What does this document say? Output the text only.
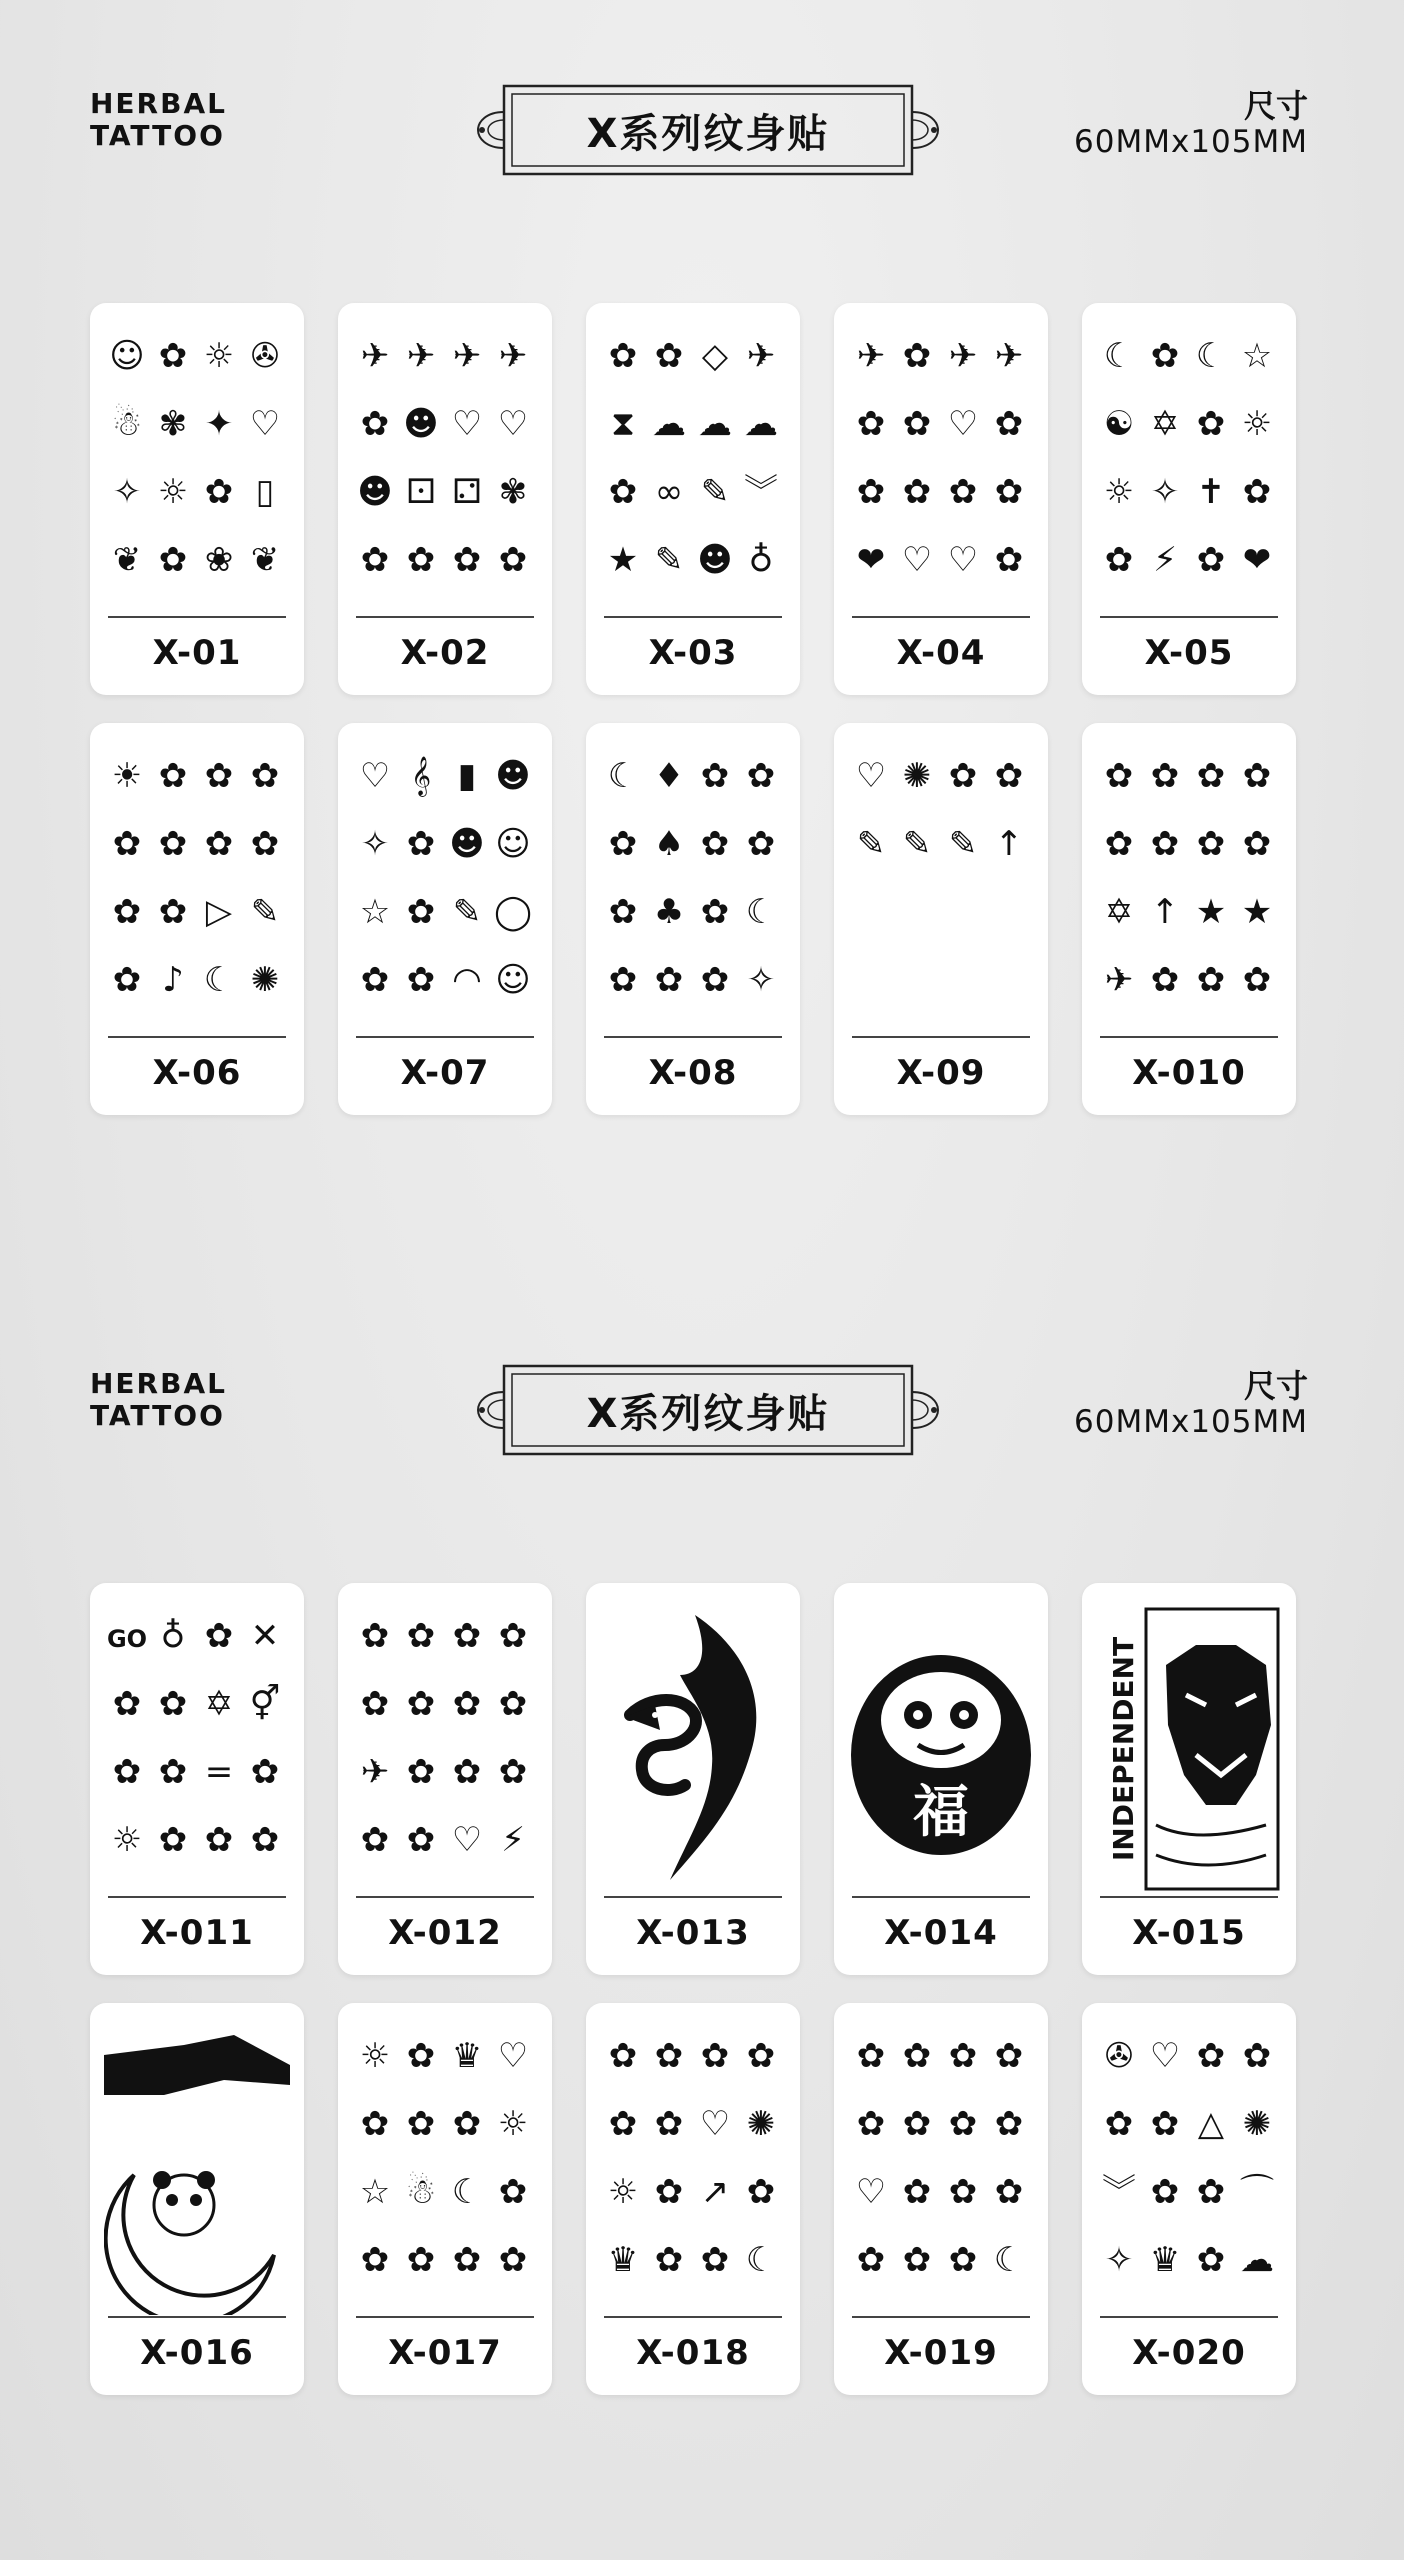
HERBAL
TATTOO	X系列纹身贴
尺寸
60MMx105MM
☺ ✿ ☼ ✇
☃ ✾ ✦ ♡
✧ ☼ ✿ ▯
❦ ✿ ❀ ❦
X-01
✈ ✈ ✈ ✈
✿ ☻ ♡ ♡
☻ ⚀ ⚁ ✾
✿ ✿ ✿ ✿
X-02
✿ ✿ ◇ ✈
⧗ ☁ ☁ ☁
✿ ∞ ✎ ︾
★ ✎ ☻ ♁
X-03
✈ ✿ ✈ ✈
✿ ✿ ♡ ✿
✿ ✿ ✿ ✿
❤ ♡ ♡ ✿
X-04
☾ ✿ ☾ ☆
☯ ✡ ✿ ☼
☼ ✧ ✝ ✿
✿ ⚡ ✿ ❤
X-05
☀ ✿ ✿ ✿
✿ ✿ ✿ ✿
✿ ✿ ▷ ✎
✿ ♪ ☾ ✺
X-06
♡ 𝄞 ▮ ☻
✧ ✿ ☻ ☺
☆ ✿ ✎ ◯
✿ ✿ ◠ ☺
X-07
☾ ♦ ✿ ✿
✿ ♠ ✿ ✿
✿ ♣ ✿ ☾
✿ ✿ ✿ ✧
X-08
♡ ✺ ✿ ✿
✎ ✎ ✎ ↑
X-09
✿ ✿ ✿ ✿
✿ ✿ ✿ ✿
✡ ↑ ★ ★
✈ ✿ ✿ ✿
X-010
HERBAL
TATTOO	X系列纹身贴
尺寸
60MMx105MM
GO ♁ ✿ ✕
✿ ✿ ✡ ⚥
✿ ✿ = ✿
☼ ✿ ✿ ✿
X-011
✿ ✿ ✿ ✿
✿ ✿ ✿ ✿
✈ ✿ ✿ ✿
✿ ✿ ♡ ⚡
X-012	X-013
福
X-014
INDEPENDENT
X-015
X-016
☼ ✿ ♛ ♡
✿ ✿ ✿ ☼
☆ ☃ ☾ ✿
✿ ✿ ✿ ✿
X-017
✿ ✿ ✿ ✿
✿ ✿ ♡ ✺
☼ ✿ ↗ ✿
♛ ✿ ✿ ☾
X-018
✿ ✿ ✿ ✿
✿ ✿ ✿ ✿
♡ ✿ ✿ ✿
✿ ✿ ✿ ☾
X-019
✇ ♡ ✿ ✿
✿ ✿ △ ✺
︾ ✿ ✿ ⌒
✧ ♛ ✿ ☁
X-020
